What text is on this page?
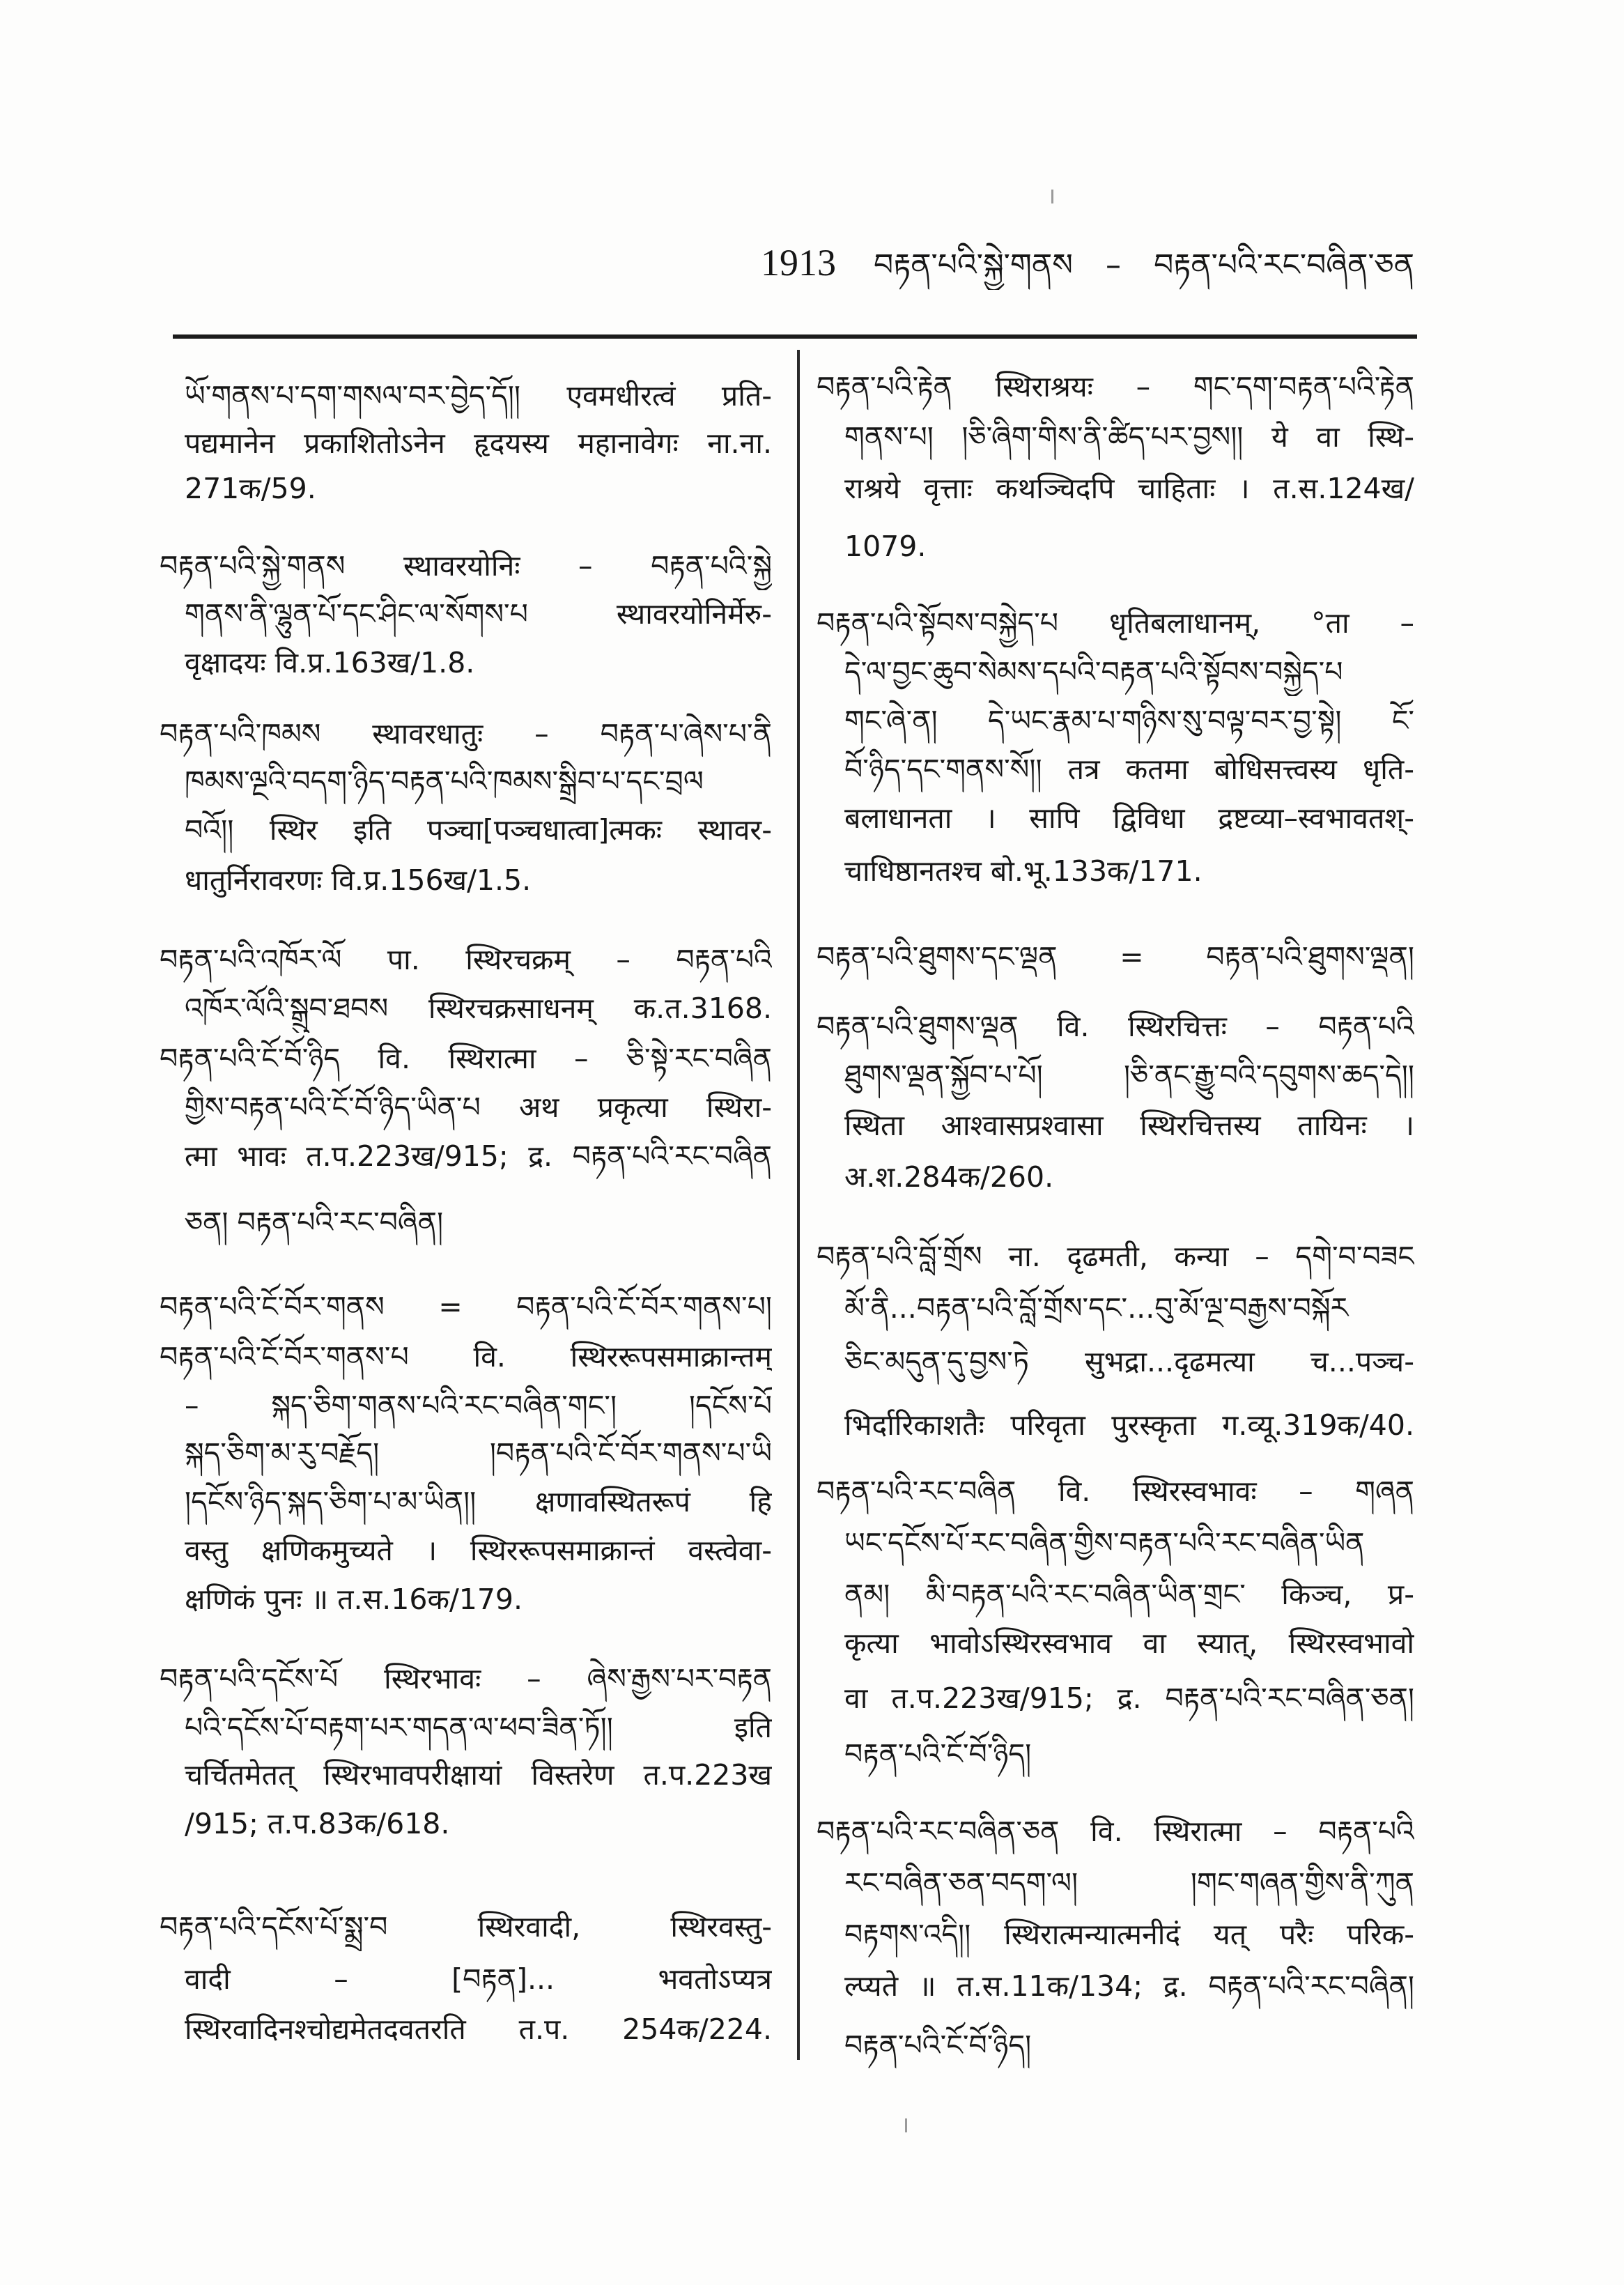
1913 བརྟན་པའི་སྐྱེ་གནས – བརྟན་པའི་རང་བཞིན་ཅན
ཡོ་གནས་པ་དག་གསལ་བར་བྱེད་དོ།། एवमधीरत्वं प्रति-
पद्यमानेन प्रकाशितोऽनेन हृदयस्य महानावेगः ना.ना.
271क/59.
བརྟན་པའི་སྐྱེ་གནས स्थावरयोनिः – བརྟན་པའི་སྐྱེ
གནས་ནི་ལྷུན་པོ་དང་ཤིང་ལ་སོགས་པ स्थावरयोनिर्मेरु-
वृक्षादयः वि.प्र.163ख/1.8.
བརྟན་པའི་ཁམས स्थावरधातुः – བརྟན་པ་ཞེས་པ་ནི
ཁམས་ལྔའི་བདག་ཉིད་བརྟན་པའི་ཁམས་སྒྲིབ་པ་དང་བྲལ
བའོ།། स्थिर इति पञ्चा[पञ्चधात्वा]त्मकः स्थावर-
धातुर्निरावरणः वि.प्र.156ख/1.5.
བརྟན་པའི་འཁོར་ལོ पा. स्थिरचक्रम् – བརྟན་པའི
འཁོར་ལོའི་སྒྲུབ་ཐབས स्थिरचक्रसाधनम् क.त.3168.
བརྟན་པའི་ངོ་བོ་ཉིད वि. स्थिरात्मा – ཅི་སྟེ་རང་བཞིན
གྱིས་བརྟན་པའི་ངོ་བོ་ཉིད་ཡིན་པ अथ प्रकृत्या स्थिरा-
त्मा भावः त.प.223ख/915; द्र. བརྟན་པའི་རང་བཞིན
ཅན། བརྟན་པའི་རང་བཞིན།
བརྟན་པའི་ངོ་བོར་གནས = བརྟན་པའི་ངོ་བོར་གནས་པ།
བརྟན་པའི་ངོ་བོར་གནས་པ वि. स्थिररूपसमाक्रान्तम्
– སྐད་ཅིག་གནས་པའི་རང་བཞིན་གང་། །དངོས་པོ
སྐད་ཅིག་མ་རུ་བརྗོད། །བརྟན་པའི་ངོ་བོར་གནས་པ་ཡི
།དངོས་ཉིད་སྐད་ཅིག་པ་མ་ཡིན།། क्षणावस्थितरूपं हि
वस्तु क्षणिकमुच्यते । स्थिररूपसमाक्रान्तं वस्त्वेवा-
क्षणिकं पुनः ॥ त.स.16क/179.
བརྟན་པའི་དངོས་པོ स्थिरभावः – ཞེས་རྒྱས་པར་བརྟན
པའི་དངོས་པོ་བརྟག་པར་གདན་ལ་ཕབ་ཟིན་ཏོ།། इति
चर्चितमेतत् स्थिरभावपरीक्षायां विस्तरेण त.प.223ख
/915; त.प.83क/618.
བརྟན་པའི་དངོས་པོ་སྨྲ་བ स्थिरवादी, स्थिरवस्तु-
वादी – [བརྟན]... भवतोऽप्यत्र
स्थिरवादिनश्चोद्यमेतदवतरति त.प. 254क/224.
བརྟན་པའི་རྟེན स्थिराश्रयः – གང་དག་བརྟན་པའི་རྟེན
གནས་པ། །ཅི་ཞིག་གིས་ནི་ཚིད་པར་བྱས།། ये वा स्थि-
राश्रये वृत्ताः कथञ्चिदपि चाहिताः । त.स.124ख/
1079.
བརྟན་པའི་སྟོབས་བསྐྱེད་པ धृतिबलाधानम्, °ता –
དེ་ལ་བྱང་ཆུབ་སེམས་དཔའི་བརྟན་པའི་སྟོབས་བསྐྱེད་པ
གང་ཞེ་ན། དེ་ཡང་རྣམ་པ་གཉིས་སུ་བལྟ་བར་བྱ་སྟེ། ངོ་
བོ་ཉིད་དང་གནས་སོ།། तत्र कतमा बोधिसत्त्वस्य धृति-
बलाधानता । सापि द्विविधा द्रष्टव्या–स्वभावतश्-
चाधिष्ठानतश्च बो.भू.133क/171.
བརྟན་པའི་ཐུགས་དང་ལྡན = བརྟན་པའི་ཐུགས་ལྡན།
བརྟན་པའི་ཐུགས་ལྡན वि. स्थिरचित्तः – བརྟན་པའི
ཐུགས་ལྡན་སྐྱོབ་པ་པོ། །ཅི་ནང་རྒྱུ་བའི་དབུགས་ཆད་དེ།།
स्थिता आश्वासप्रश्वासा स्थिरचित्तस्य तायिनः ।
अ.श.284क/260.
བརྟན་པའི་བློ་གྲོས ना. दृढमती, कन्या – དགེ་བ་བཟང
མོ་ནི...བརྟན་པའི་བློ་གྲོས་དང་...བུ་མོ་ལྔ་བརྒྱས་བསྐོར
ཅིང་མདུན་དུ་བྱས་ཏེ सुभद्रा...दृढमत्या च...पञ्च-
भिर्दारिकाशतैः परिवृता पुरस्कृता ग.व्यू.319क/40.
བརྟན་པའི་རང་བཞིན वि. स्थिरस्वभावः – གཞན
ཡང་དངོས་པོ་རང་བཞིན་གྱིས་བརྟན་པའི་རང་བཞིན་ཡིན
ནམ། མི་བརྟན་པའི་རང་བཞིན་ཡིན་གྲང་ किञ्च, प्र-
कृत्या भावोऽस्थिरस्वभाव वा स्यात्, स्थिरस्वभावो
वा त.प.223ख/915; द्र. བརྟན་པའི་རང་བཞིན་ཅན།
བརྟན་པའི་ངོ་བོ་ཉིད།
བརྟན་པའི་རང་བཞིན་ཅན वि. स्थिरात्मा – བརྟན་པའི
རང་བཞིན་ཅན་བདག་ལ། །གང་གཞན་གྱིས་ནི་ཀུན
བརྟགས་འདི།། स्थिरात्मन्यात्मनीदं यत् परैः परिक-
ल्प्यते ॥ त.स.11क/134; द्र. བརྟན་པའི་རང་བཞིན།
བརྟན་པའི་ངོ་བོ་ཉིད།
